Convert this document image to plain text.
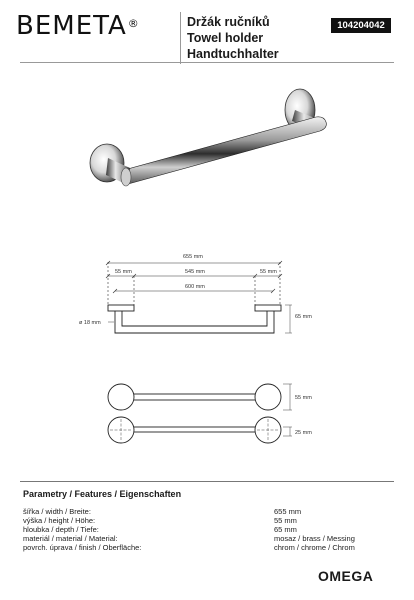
BEMETA®	Držák ručníků
Towel holder
Handtuchhalter
104204042
655 mm
55 mm	545 mm	55 mm
600 mm
ø 18 mm
65 mm
55 mm
25 mm
Parametry / Features / Eigenschaften
šířka / width / Breite:	655 mm
výška / height / Höhe:	55 mm
hloubka / depth / Tiefe:	65 mm
materiál / material / Material:	mosaz / brass / Messing
povrch. úprava / finish / Oberfläche:	chrom / chrome / Chrom
OMEGA
